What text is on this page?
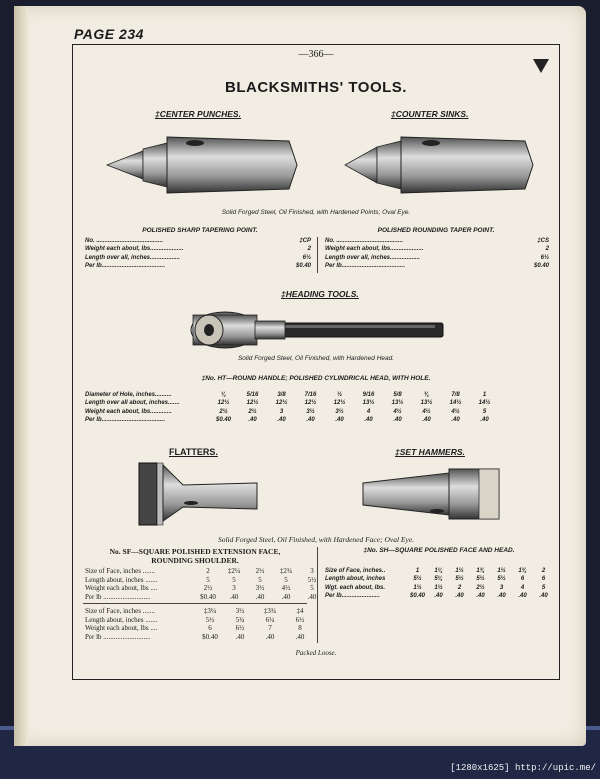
PAGE 234
—366—
BLACKSMITHS' TOOLS.
‡CENTER PUNCHES.	‡COUNTER SINKS.
Solid Forged Steel, Oil Finished, with Hardened Points; Oval Eye.
POLISHED SHARP TAPERING POINT.	POLISHED ROUNDING TAPER POINT.
No. ........................................	‡CP
Weight each about, lbs....................	2
Length over all, inches..................	6½
Per lb......................................	$0.40
No. ........................................	‡CS
Weight each about, lbs....................	2
Length over all, inches..................	6½
Per lb......................................	$0.40
‡HEADING TOOLS.
Solid Forged Steel, Oil Finished, with Hardened Head.
‡No. HT—ROUND HANDLE; POLISHED CYLINDRICAL HEAD, WITH HOLE.
Diameter of Hole, inches..........	¼	5/16	3/8	7/16	½	9/16	5/8	¾	7/8	1
Length over all about, inches.......	12½	12½	12½	12½	12½	13½	13½	13½	14½	14½
Weight each about, lbs.............	2½	2½	3	3½	3½	4	4½	4½	4½	5
Per lb......................................	$0.40	.40	.40	.40	.40	.40	.40	.40	.40	.40
FLATTERS.	‡SET HAMMERS.
Solid Forged Steel, Oil Finished, with Hardened Face; Oval Eye.
No. SF—SQUARE POLISHED EXTENSION FACE,
ROUNDING SHOULDER.
‡No. SH—SQUARE POLISHED FACE AND HEAD.
Size of Face, inches .......	2	‡2¼	2½	‡2¾	3
Length about, inches .......	5	5	5	5	5½
Weight each about, lbs ....	2½	3	3½	4½	5
Per lb ...........................	$0.40	.40	.40	.40	.40
Size of Face, inches .......	‡3¼	3½	‡3¾	‡4
Length about, inches .......	5½	5¾	6¼	6½
Weight each about, lbs ....	6	6½	7	8
Per lb ...........................	$0.40	.40	.40	.40
Size of Face, inches..	1	1¼	1½	1¾	1½	1¾	2
Length about, inches	5½	5¼	5½	5½	5½	6	6
Wgt. each about, lbs.	1½	1½	2	2½	3	4	5
Per lb.......................	$0.40	.40	.40	.40	.40	.40	.40
Packed Loose.
[1280x1625] http://upic.me/
